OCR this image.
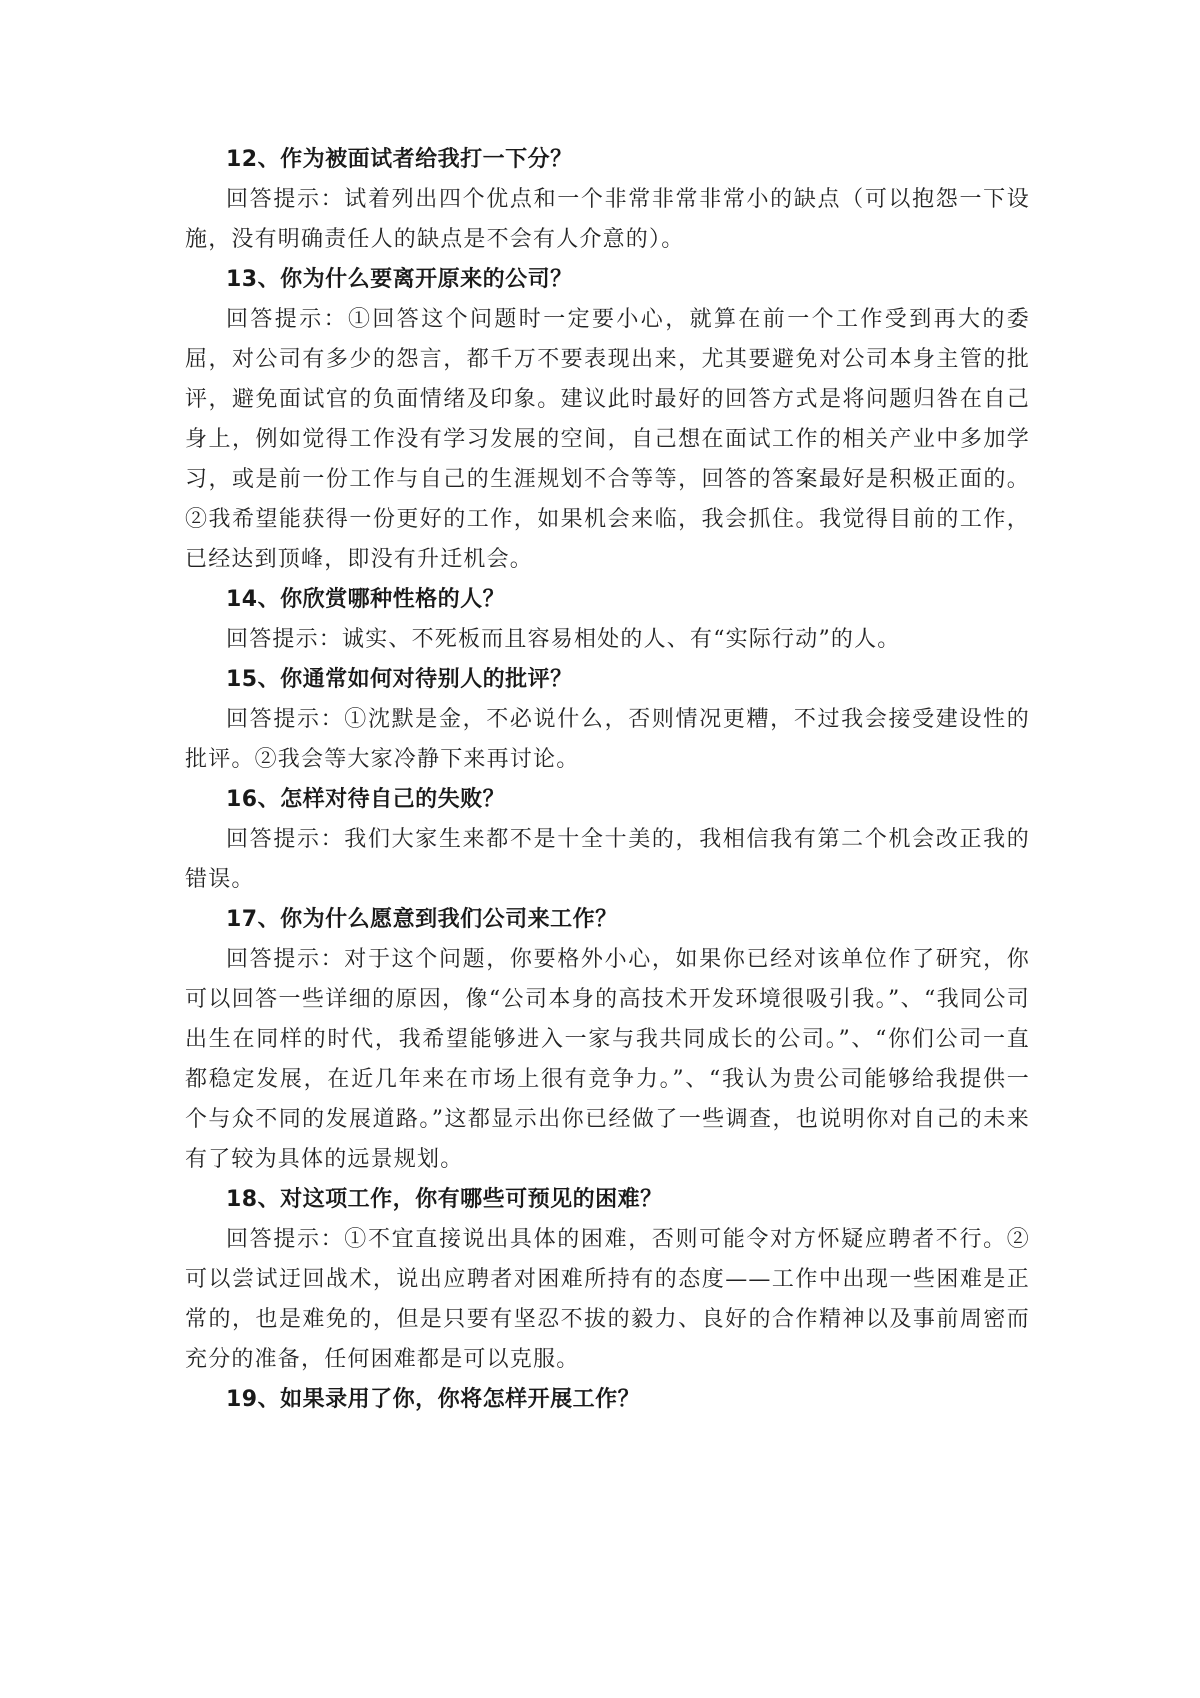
12、作为被面试者给我打一下分？

回答提示：试着列出四个优点和一个非常非常非常小的缺点（可以抱怨一下设施，没有明确责任人的缺点是不会有人介意的）。

13、你为什么要离开原来的公司？

回答提示：①回答这个问题时一定要小心，就算在前一个工作受到再大的委屈，对公司有多少的怨言，都千万不要表现出来，尤其要避免对公司本身主管的批评，避免面试官的负面情绪及印象。建议此时最好的回答方式是将问题归咎在自己身上，例如觉得工作没有学习发展的空间，自己想在面试工作的相关产业中多加学习，或是前一份工作与自己的生涯规划不合等等，回答的答案最好是积极正面的。②我希望能获得一份更好的工作，如果机会来临，我会抓住。我觉得目前的工作，已经达到顶峰，即没有升迁机会。

14、你欣赏哪种性格的人？

回答提示：诚实、不死板而且容易相处的人、有“实际行动”的人。

15、你通常如何对待别人的批评？

回答提示：①沈默是金，不必说什么，否则情况更糟，不过我会接受建设性的批评。②我会等大家冷静下来再讨论。

16、怎样对待自己的失败？

回答提示：我们大家生来都不是十全十美的，我相信我有第二个机会改正我的错误。

17、你为什么愿意到我们公司来工作？

回答提示：对于这个问题，你要格外小心，如果你已经对该单位作了研究，你可以回答一些详细的原因，像“公司本身的高技术开发环境很吸引我。”、“我同公司出生在同样的时代，我希望能够进入一家与我共同成长的公司。”、“你们公司一直都稳定发展，在近几年来在市场上很有竞争力。”、“我认为贵公司能够给我提供一个与众不同的发展道路。”这都显示出你已经做了一些调查，也说明你对自己的未来有了较为具体的远景规划。

18、对这项工作，你有哪些可预见的困难？

回答提示：①不宜直接说出具体的困难，否则可能令对方怀疑应聘者不行。②可以尝试迂回战术，说出应聘者对困难所持有的态度——工作中出现一些困难是正常的，也是难免的，但是只要有坚忍不拔的毅力、良好的合作精神以及事前周密而充分的准备，任何困难都是可以克服。

19、如果录用了你，你将怎样开展工作？
